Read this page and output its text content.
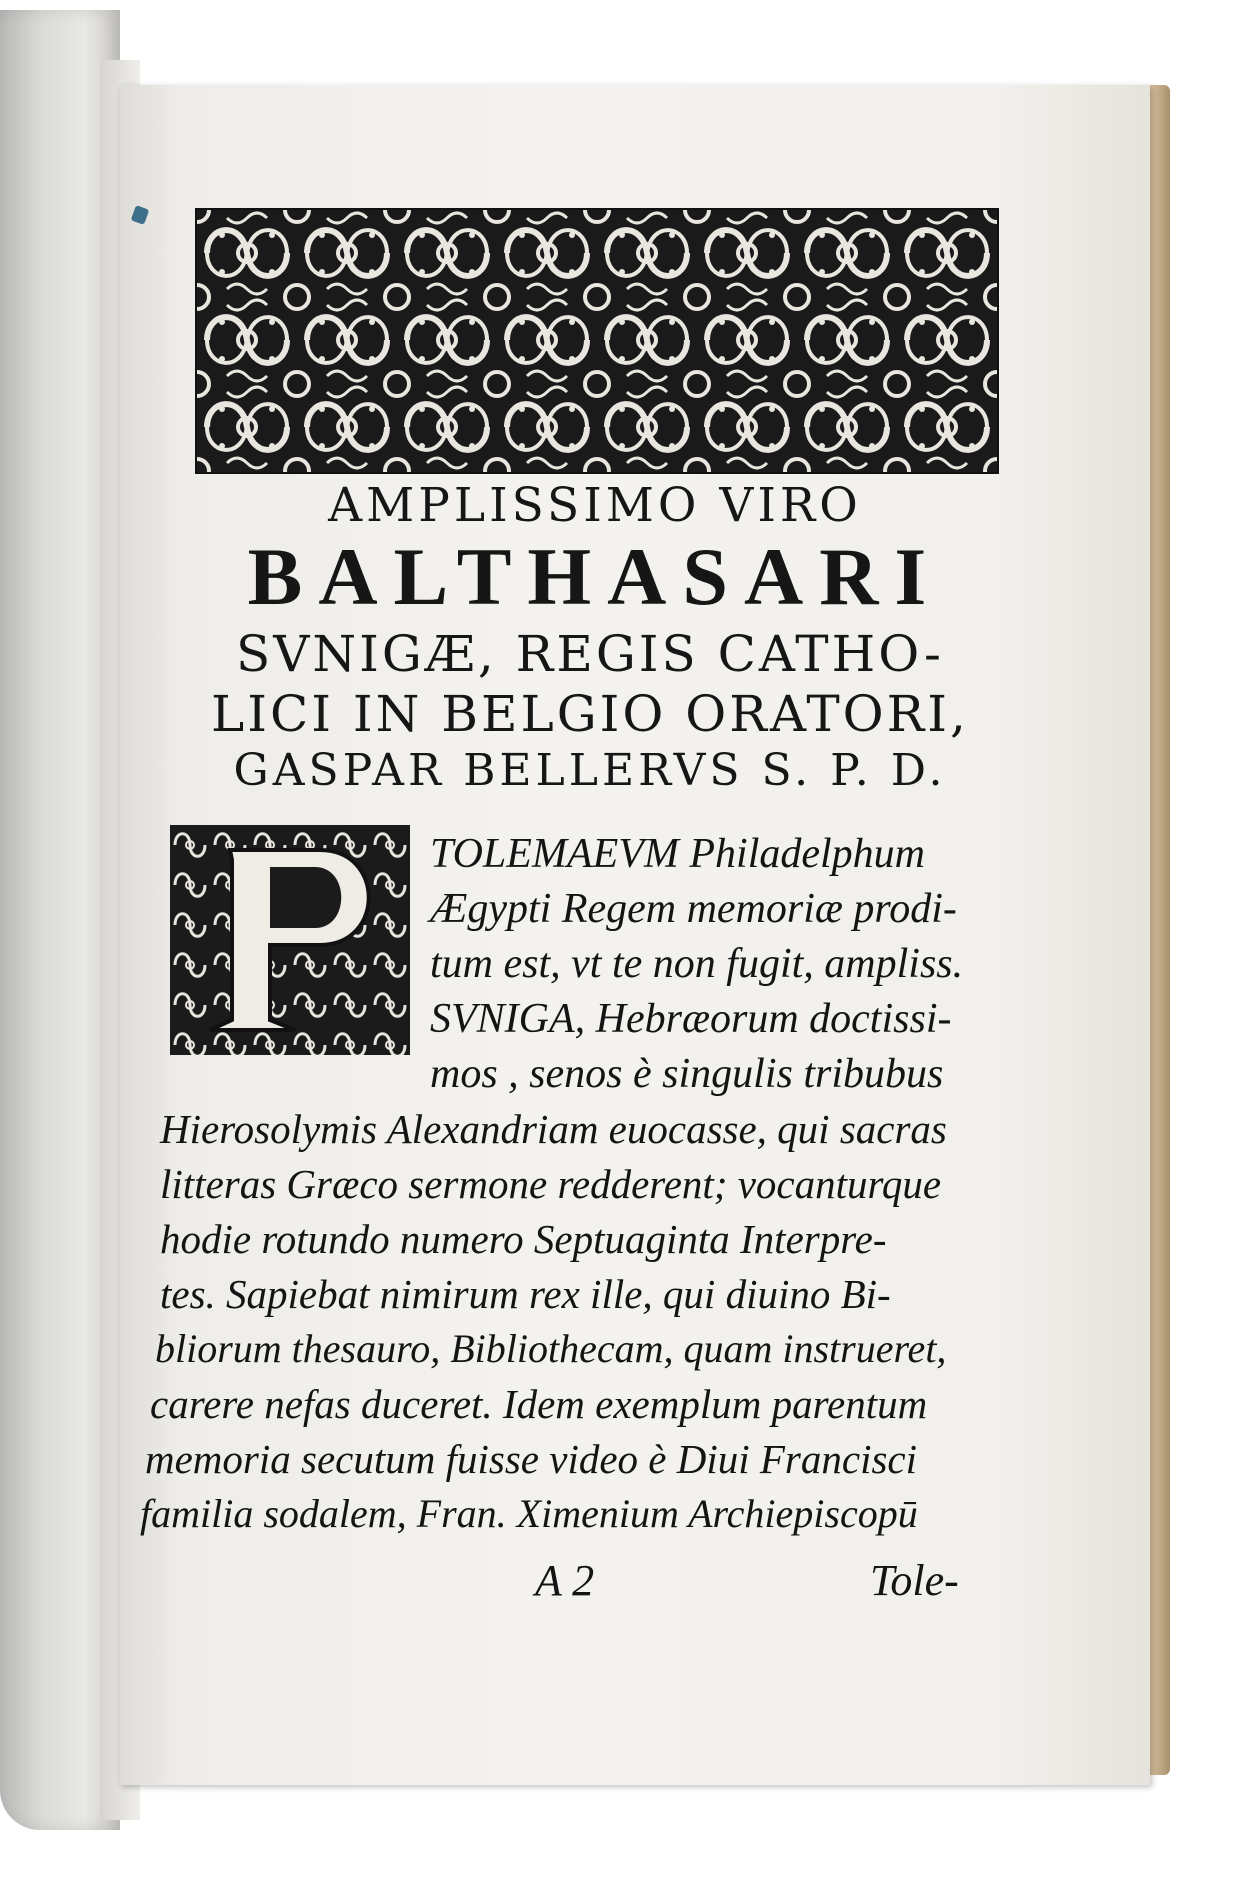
AMPLISSIMO VIRO
BALTHASARI
SVNIGÆ, REGIS CATHO-
LICI IN BELGIO ORATORI,
GASPAR BELLERVS S. P. D.
TOLEMAEVM Philadelphum
Ægypti Regem memoriæ prodi-
tum est, vt te non fugit, ampliss.
SVNIGA, Hebræorum doctissi-
mos , senos è singulis tribubus
Hierosolymis Alexandriam euocasse, qui sacras
litteras Græco sermone redderent; vocanturque
hodie rotundo numero Septuaginta Interpre-
tes. Sapiebat nimirum rex ille, qui diuino Bi-
bliorum thesauro, Bibliothecam, quam instrueret,
carere nefas duceret. Idem exemplum parentum
memoria secutum fuisse video è Diui Francisci
familia sodalem, Fran. Ximenium Archiepiscopū
A 2	Tole-
